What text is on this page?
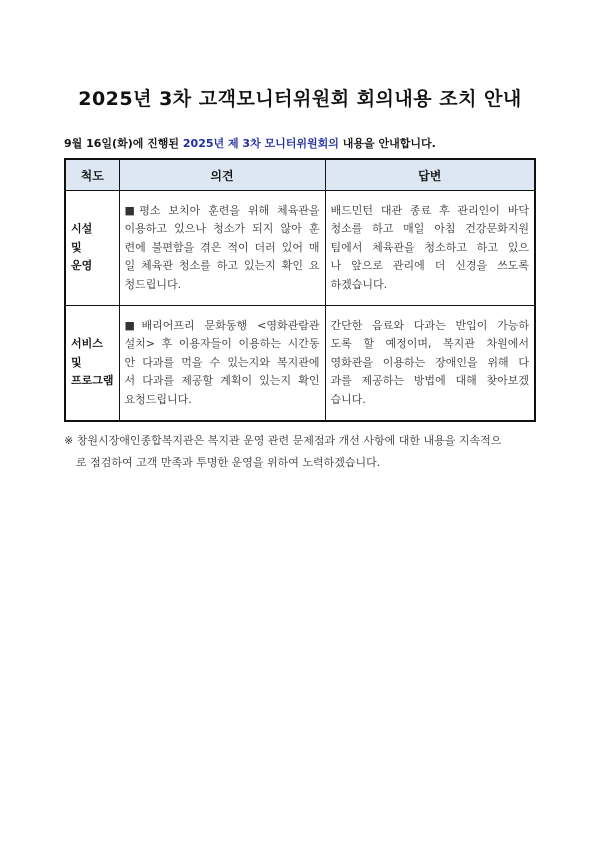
2025년 3차 고객모니터위원회 회의내용 조치 안내
9월 16일(화)에 진행된 2025년 제 3차 모니터위원회의 내용을 안내합니다.
척도	의견	답변

시설
및
운영	■평소 보치아 훈련을 위해 체육관을
이용하고 있으나 청소가 되지 않아 훈
련에 불편함을 겪은 적이 더러 있어 매
일 체육관 청소를 하고 있는지 확인 요
청드립니다.	배드민턴 대관 종료 후 관리인이 바닥
청소를 하고 매일 아침 건강문화지원
팀에서 체육관을 청소하고 하고 있으
나 앞으로 관리에 더 신경을 쓰도록
하겠습니다.

서비스
및
프로그램	■배리어프리 문화동행 <영화관람관
설치> 후 이용자들이 이용하는 시간동
안 다과를 먹을 수 있는지와 복지관에
서 다과를 제공할 계획이 있는지 확인
요청드립니다.	간단한 음료와 다과는 반입이 가능하
도록 할 예정이며, 복지관 차원에서
영화관을 이용하는 장애인을 위해 다
과를 제공하는 방법에 대해 찾아보겠
습니다.
※ 창원시장애인종합복지관은 복지관 운영 관련 문제점과 개선 사항에 대한 내용을 지속적으
로 점검하여 고객 만족과 투명한 운영을 위하여 노력하겠습니다.
